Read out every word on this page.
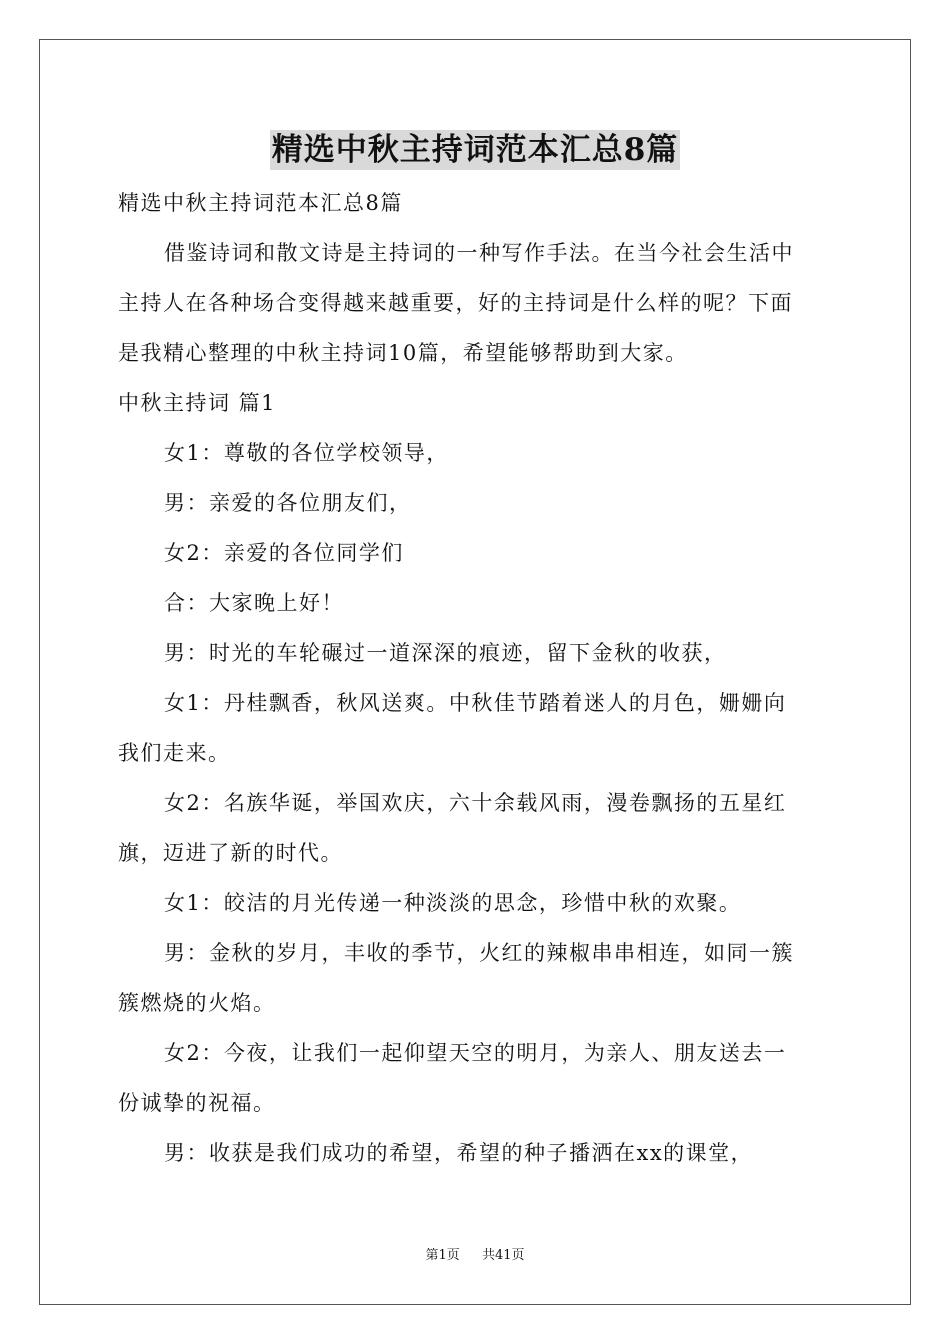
精选中秋主持词范本汇总8篇
精选中秋主持词范本汇总8篇
借鉴诗词和散文诗是主持词的一种写作手法。在当今社会生活中
主持人在各种场合变得越来越重要，好的主持词是什么样的呢？下面
是我精心整理的中秋主持词10篇，希望能够帮助到大家。
中秋主持词 篇1
女1：尊敬的各位学校领导，
男：亲爱的各位朋友们，
女2：亲爱的各位同学们
合：大家晚上好！
男：时光的车轮碾过一道深深的痕迹，留下金秋的收获，
女1：丹桂飘香，秋风送爽。中秋佳节踏着迷人的月色，姗姗向
我们走来。
女2：名族华诞，举国欢庆，六十余载风雨，漫卷飘扬的五星红
旗，迈进了新的时代。
女1：皎洁的月光传递一种淡淡的思念，珍惜中秋的欢聚。
男：金秋的岁月，丰收的季节，火红的辣椒串串相连，如同一簇
簇燃烧的火焰。
女2：今夜，让我们一起仰望天空的明月，为亲人、朋友送去一
份诚挚的祝福。
男：收获是我们成功的希望，希望的种子播洒在xx的课堂，
第1页 共41页
